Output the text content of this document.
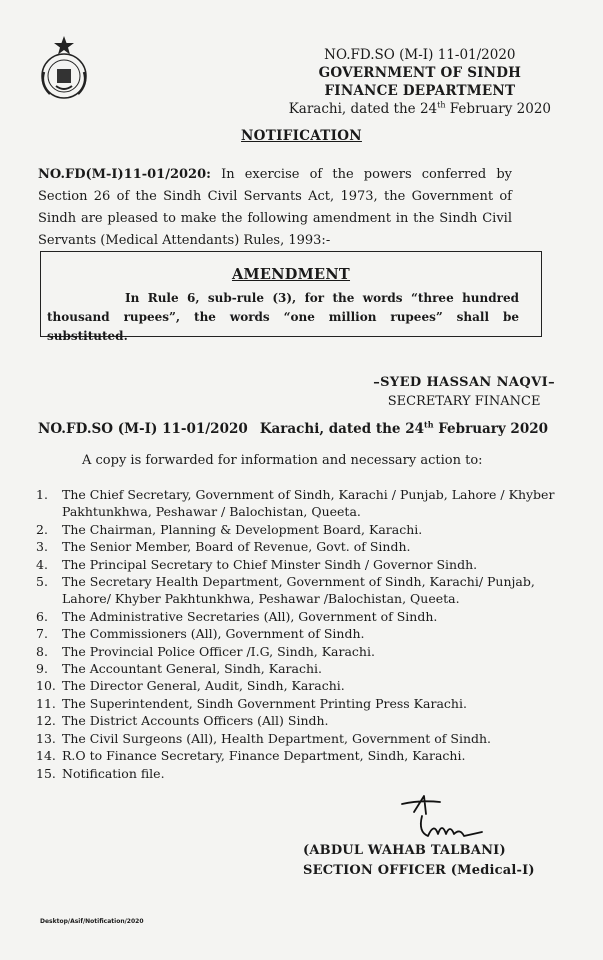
NO.FD.SO (M-I) 11-01/2020
GOVERNMENT OF SINDH
FINANCE DEPARTMENT
Karachi, dated the 24th February 2020
NOTIFICATION
NO.FD(M-I)11-01/2020: In exercise of the powers conferred by Section 26 of the Sindh Civil Servants Act, 1973, the Government of Sindh are pleased to make the following amendment in the Sindh Civil Servants (Medical Attendants) Rules, 1993:-
AMENDMENT

In Rule 6, sub-rule (3), for the words “three hundred thousand rupees”, the words “one million rupees” shall be substituted.

–SYED HASSAN NAQVI–
SECRETARY FINANCE
NO.FD.SO (M-I) 11-01/2020 Karachi, dated the 24th February 2020
A copy is forwarded for information and necessary action to:
1.	The Chief Secretary, Government of Sindh, Karachi / Punjab, Lahore / Khyber Pakhtunkhwa, Peshawar / Balochistan, Queeta.
2.	The Chairman, Planning & Development Board, Karachi.
3.	The Senior Member, Board of Revenue, Govt. of Sindh.
4.	The Principal Secretary to Chief Minster Sindh / Governor Sindh.
5.	The Secretary Health Department, Government of Sindh, Karachi/ Punjab, Lahore/ Khyber Pakhtunkhwa, Peshawar /Balochistan, Queeta.
6.	The Administrative Secretaries (All), Government of Sindh.
7.	The Commissioners (All), Government of Sindh.
8.	The Provincial Police Officer /I.G, Sindh, Karachi.
9.	The Accountant General, Sindh, Karachi.
10. The Director General, Audit, Sindh, Karachi.
11. The Superintendent, Sindh Government Printing Press Karachi.
12. The District Accounts Officers (All) Sindh.
13. The Civil Surgeons (All), Health Department, Government of Sindh.
14. R.O to Finance Secretary, Finance Department, Sindh, Karachi.
15. Notification file.
(ABDUL WAHAB TALBANI)
SECTION OFFICER (Medical-I)
Desktop/Asif/Notification/2020
